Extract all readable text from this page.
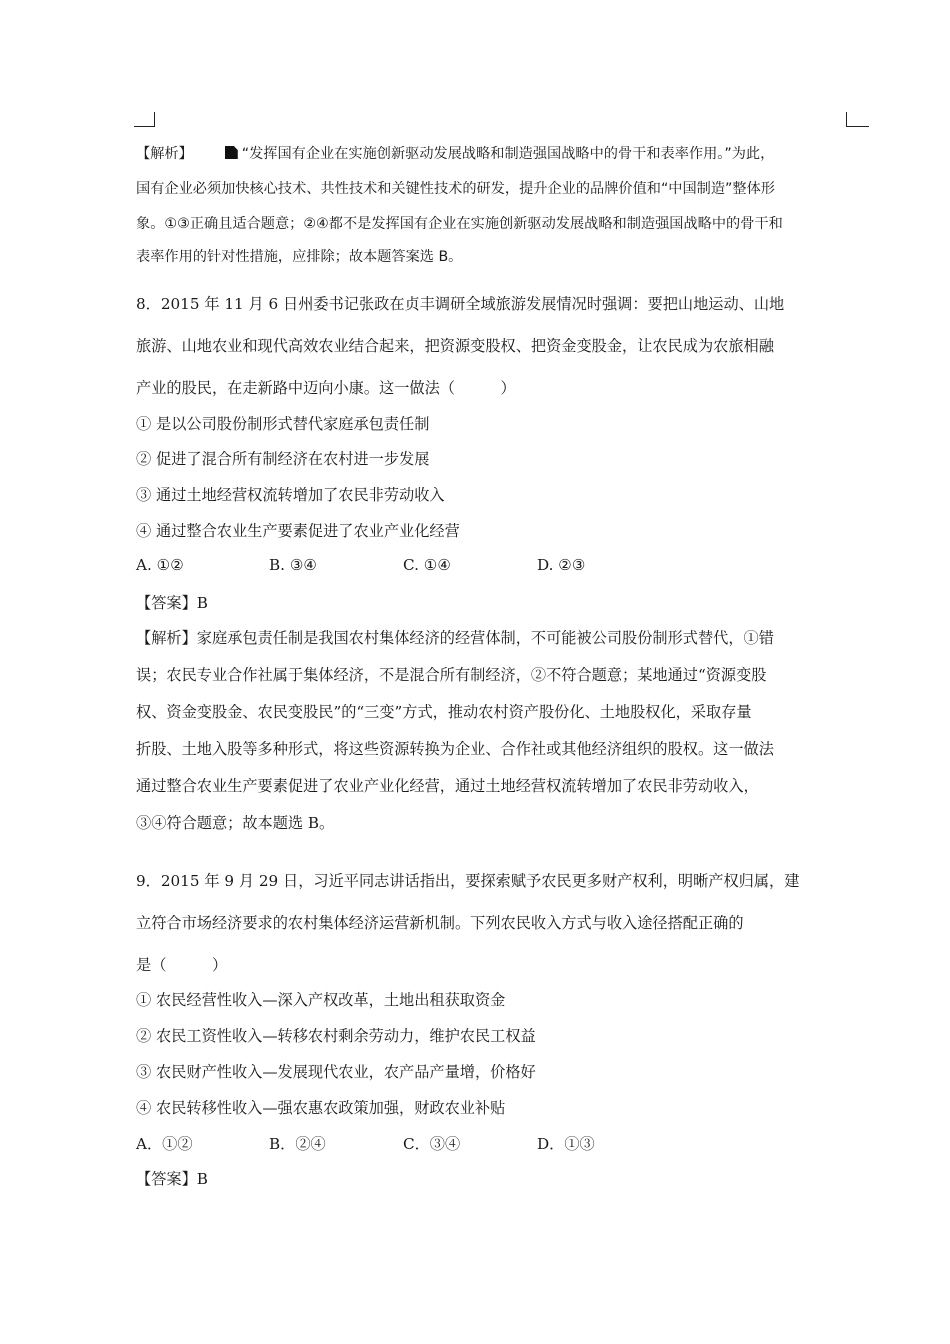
【解析】	“发挥国有企业在实施创新驱动发展战略和制造强国战略中的骨干和表率作用。”为此，
国有企业必须加快核心技术、共性技术和关键性技术的研发，提升企业的品牌价值和“中国制造”整体形
象。①③正确且适合题意；②④都不是发挥国有企业在实施创新驱动发展战略和制造强国战略中的骨干和
表率作用的针对性措施，应排除；故本题答案选 B。
8．2015 年 11 月 6 日州委书记张政在贞丰调研全域旅游发展情况时强调：要把山地运动、山地
旅游、山地农业和现代高效农业结合起来，把资源变股权、把资金变股金，让农民成为农旅相融
产业的股民，在走新路中迈向小康。这一做法（　　　）
① 是以公司股份制形式替代家庭承包责任制
② 促进了混合所有制经济在农村进一步发展
③ 通过土地经营权流转增加了农民非劳动收入
④ 通过整合农业生产要素促进了农业产业化经营
A. ①②	B. ③④	C. ①④	D. ②③
【答案】B
【解析】家庭承包责任制是我国农村集体经济的经营体制，不可能被公司股份制形式替代，①错
误；农民专业合作社属于集体经济，不是混合所有制经济，②不符合题意；某地通过“资源变股
权、资金变股金、农民变股民”的“三变”方式，推动农村资产股份化、土地股权化，采取存量
折股、土地入股等多种形式，将这些资源转换为企业、合作社或其他经济组织的股权。这一做法
通过整合农业生产要素促进了农业产业化经营，通过土地经营权流转增加了农民非劳动收入，
③④符合题意；故本题选 B。
9．2015 年 9 月 29 日，习近平同志讲话指出，要探索赋予农民更多财产权利，明晰产权归属，建
立符合市场经济要求的农村集体经济运营新机制。下列农民收入方式与收入途径搭配正确的
是（　　　）
① 农民经营性收入—深入产权改革，土地出租获取资金
② 农民工资性收入—转移农村剩余劳动力，维护农民工权益
③ 农民财产性收入—发展现代农业，农产品产量增，价格好
④ 农民转移性收入—强农惠农政策加强，财政农业补贴
A．①②	B．②④	C．③④	D．①③
【答案】B
